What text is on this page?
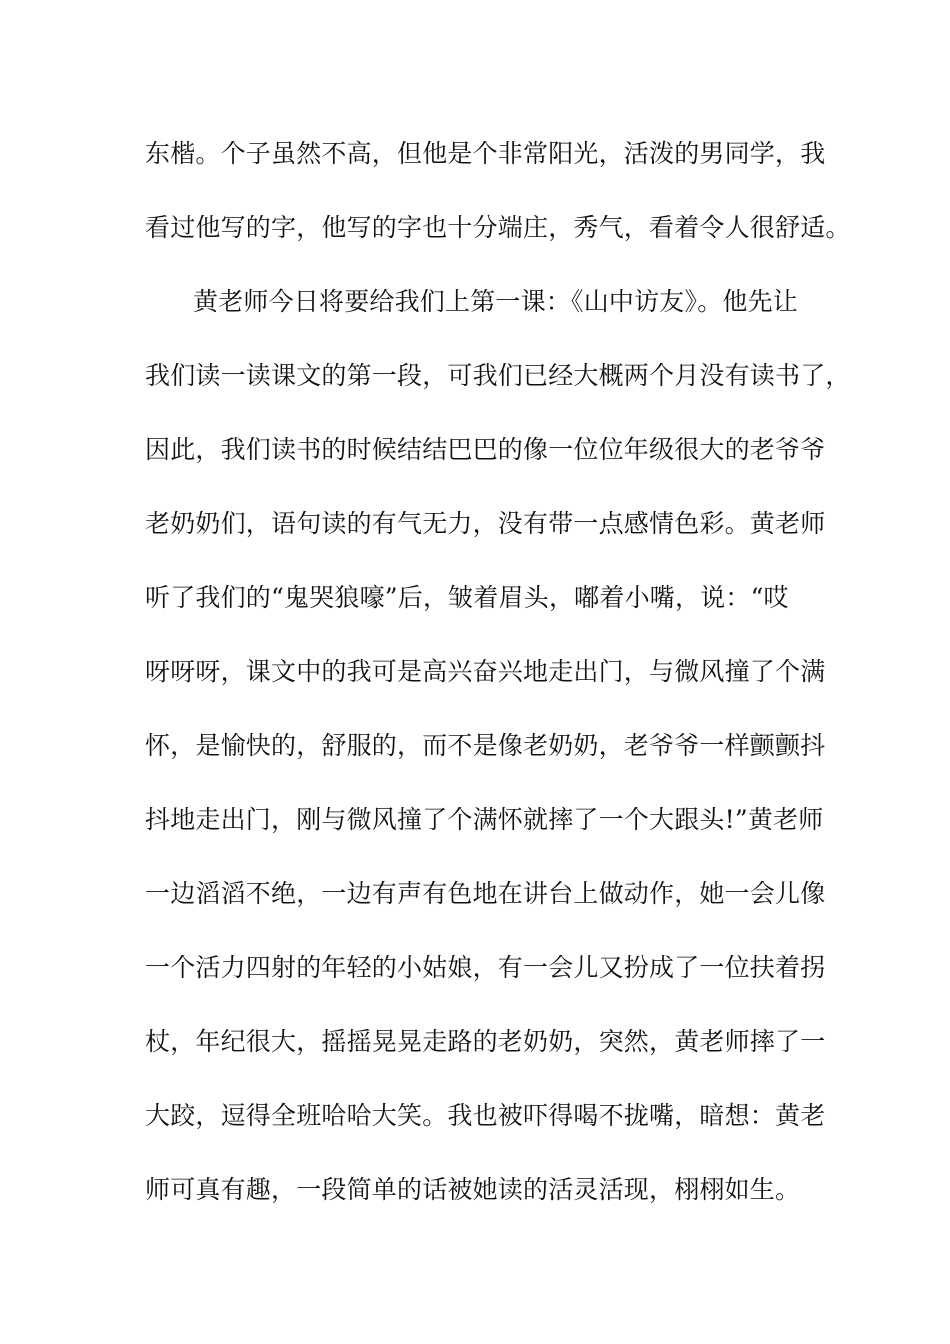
东楷。个子虽然不高，但他是个非常阳光，活泼的男同学，我
看过他写的字，他写的字也十分端庄，秀气，看着令人很舒适。
黄老师今日将要给我们上第一课：《山中访友》。他先让
我们读一读课文的第一段，可我们已经大概两个月没有读书了，
因此，我们读书的时候结结巴巴的像一位位年级很大的老爷爷
老奶奶们，语句读的有气无力，没有带一点感情色彩。黄老师
听了我们的“鬼哭狼嚎”后，皱着眉头，嘟着小嘴，说：“哎
呀呀呀，课文中的我可是高兴奋兴地走出门，与微风撞了个满
怀，是愉快的，舒服的，而不是像老奶奶，老爷爷一样颤颤抖
抖地走出门，刚与微风撞了个满怀就摔了一个大跟头!”黄老师
一边滔滔不绝，一边有声有色地在讲台上做动作，她一会儿像
一个活力四射的年轻的小姑娘，有一会儿又扮成了一位扶着拐
杖，年纪很大，摇摇晃晃走路的老奶奶，突然，黄老师摔了一
大跤，逗得全班哈哈大笑。我也被吓得喝不拢嘴，暗想：黄老
师可真有趣，一段简单的话被她读的活灵活现，栩栩如生。
